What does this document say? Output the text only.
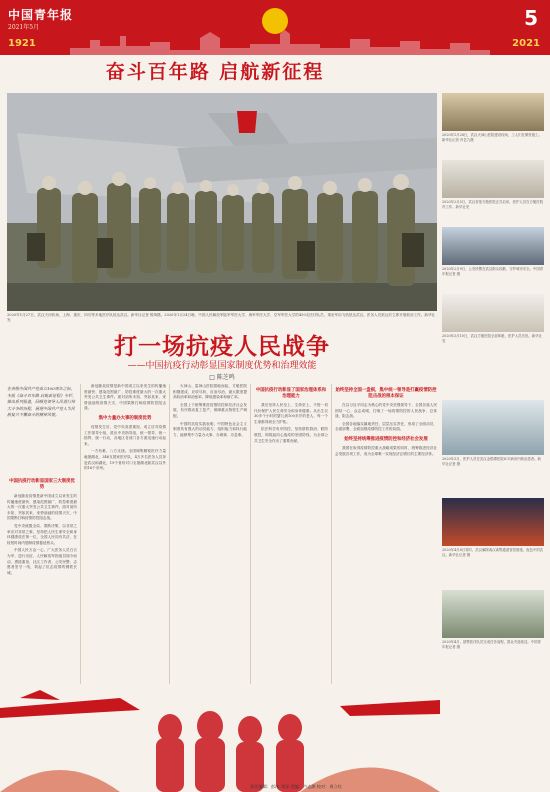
中国青年报
2021年5月	5
1921	2021
奋斗百年路 启航新征程
2020年1月27日，武汉天河机场，上海、重庆、四川等多地医疗队抵达武汉。新华社记者 熊琦摄。2020年1月24日晚，中国人民解放军陆军军医大学、海军军医大学、空军军医大学的450名医疗队员，乘坐军用飞机抵达武汉。医务人员抵达后立即开展救治工作。新华社发
打一场抗疫人民战争
——中国抗疫行动彰显国家制度优势和治理效能
□ 陈芝鸣
在各级中国共产党成立100周年之际，本报《奋斗百年路 启航新征程》专栏，推出系列报道，回顾党领导人民进行伟大斗争的历程，展现中国共产党人为民族复兴不懈奋斗的精神风貌。
中国抗疫行动彰显国家三大制度优势

新冠肺炎疫情是新中国成立以来发生的传播速度最快、感染范围最广、防控难度最大的一次重大突发公共卫生事件。面对前所未知、突如其来、来势汹汹的疫情天灾，中国果断打响疫情防控阻击战。

党中央统揽全局、果断决策，以非常之举应对非常之事，坚持把人民生命安全和身体健康放在第一位，全国人民同舟共济，在较短时间内遏制疫情蔓延势头。

中国人民万众一心，广大医务人员白衣为甲、逆行出征，人民解放军指战员闻令而动、勇挑重担，社区工作者、公安民警、志愿者坚守一线，筑起了抗击疫情的钢铁长城。

新冠肺炎疫情是新中国成立以来发生的传播速度最快、感染范围最广、防控难度最大的一次重大突发公共卫生事件。面对前所未知、突如其来、来势汹汹的疫情天灾，中国果断打响疫情防控阻击战。

集中力量办大事的制度优势

疫情发生后，党中央高度重视，成立应对疫情工作领导小组，派出中央指导组，统一领导、统一指挥、统一行动，各地区各部门各方面迅速行动起来。

一方有难、八方支援。全国调集精锐医疗力量驰援湖北，346支国家医疗队、4万多名医务人员奔赴武汉和湖北，19个省份对口支援湖北除武汉以外的16个市州。

火神山、雷神山医院拔地而起，方舱医院相继建成，应收尽收、应治尽治，最大限度提高收治率和治愈率、降低感染率和病亡率。

全国上下统筹推进疫情防控和经济社会发展，有序推动复工复产，保障重点物资生产调配。

中国的抗疫实践表明，中国特色社会主义制度具有强大的动员能力、组织能力和执行能力，能够集中力量办大事、办难事、办急事。

中国抗疫行动彰显了国家治理体系和治理能力

我们坚持人民至上、生命至上，不惜一切代价保护人民生命安全和身体健康。从出生仅30多个小时的婴儿到100多岁的老人，每一个生命都得到全力护佑。

依法科学有序防控，坚持群防群治、联防联控，构筑起同心战疫的坚固防线，为全球公共卫生安全作出了重要贡献。

始终坚持全国一盘棋，集中统一领导是打赢疫情防控阻击战的根本保证

在以习近平同志为核心的党中央坚强领导下，全国各族人民团结一心、众志成城，打响了一场疫情防控的人民战争、总体战、阻击战。

全国各地落实属地责任，层层压实责任，形成了全面动员、全面部署、全面加强疫情防控工作的局面。

始终坚持统筹推进疫情防控和经济社会发展

我国在取得疫情防控重大战略成果的同时，统筹推进经济社会发展各项工作，成为全球唯一实现经济正增长的主要经济体。

2020年1月28日，武汉火神山医院建设现场，工人们在紧张施工。新华社记者 肖艺九摄
2020年2月5日，武汉首批方舱医院正式启用，医护人员在方舱医院内工作。新华社发
2020年2月9日，公安民警在武汉街头执勤，守护城市安全。中国青年报记者 摄
2020年3月10日，武汉方舱医院全部休舱，医护人员庆祝。新华社发
2020年3月，医护人员在武汉金银潭医院ICU病房内救治患者。新华社记者 摄
2020年4月8日零时，武汉解除离汉离鄂通道管控措施，夜色中的武汉。新华社记者 摄
2020年4月，援鄂医疗队员完成任务返程，群众夹道欢送。中国青年报记者 摄
责任编辑：彭冰 邓泽 美编：卢志灏 校对：周立红
